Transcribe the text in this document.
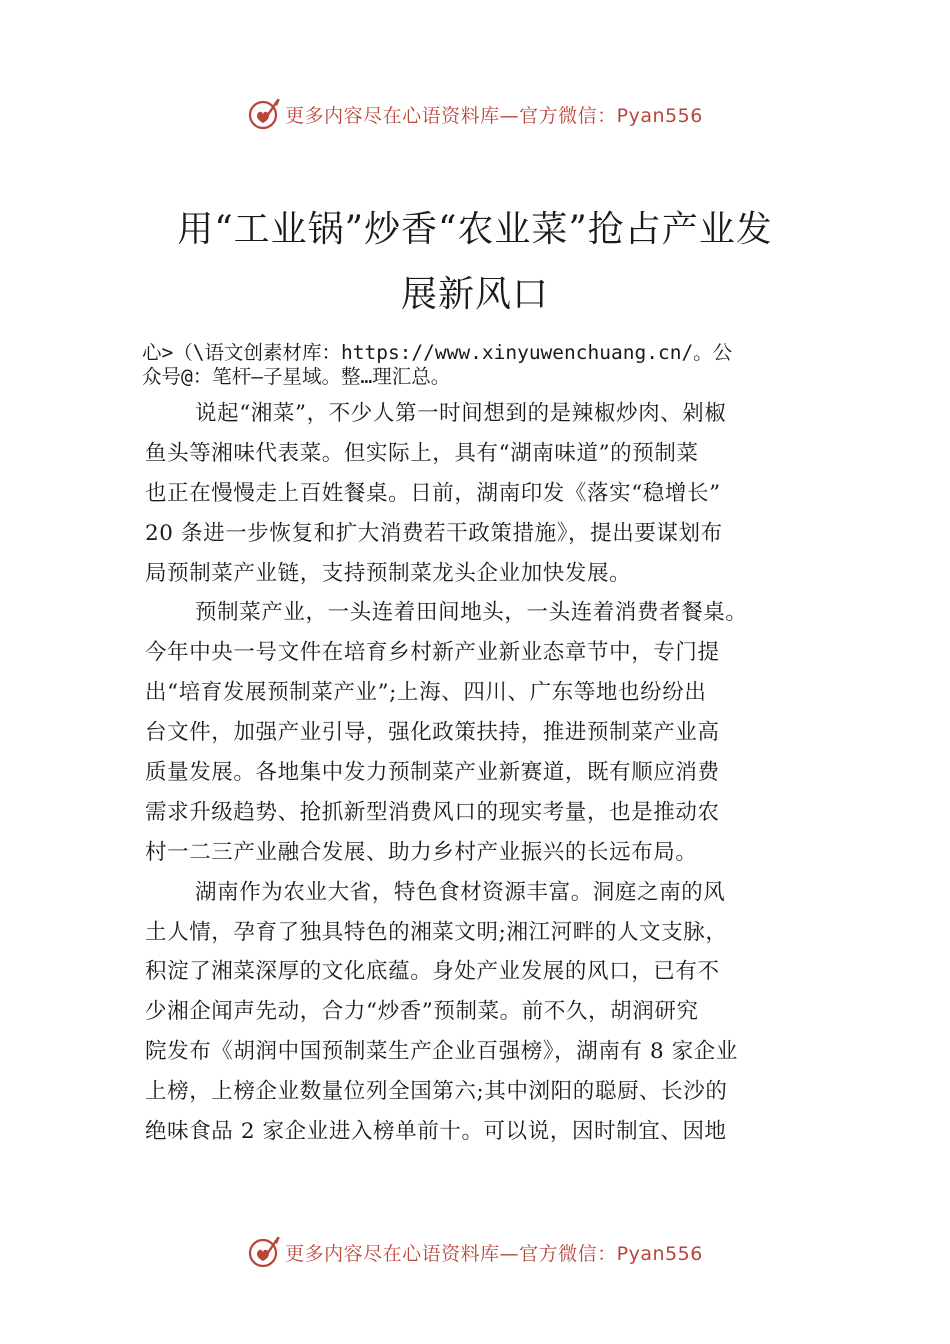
更多内容尽在心语资料库—官方微信：Pyan556
用“工业锅”炒香“农业菜”抢占产业发
展新风口
心>（\语文创素材库：https://www.xinyuwenchuang.cn/。公
众号@：笔杆—子星域。整…理汇总。
说起“湘菜”，不少人第一时间想到的是辣椒炒肉、剁椒
鱼头等湘味代表菜。但实际上，具有“湖南味道”的预制菜
也正在慢慢走上百姓餐桌。日前，湖南印发《落实“稳增长”
20 条进一步恢复和扩大消费若干政策措施》，提出要谋划布
局预制菜产业链，支持预制菜龙头企业加快发展。
预制菜产业，一头连着田间地头，一头连着消费者餐桌。
今年中央一号文件在培育乡村新产业新业态章节中，专门提
出“培育发展预制菜产业”;上海、四川、广东等地也纷纷出
台文件，加强产业引导，强化政策扶持，推进预制菜产业高
质量发展。各地集中发力预制菜产业新赛道，既有顺应消费
需求升级趋势、抢抓新型消费风口的现实考量，也是推动农
村一二三产业融合发展、助力乡村产业振兴的长远布局。
湖南作为农业大省，特色食材资源丰富。洞庭之南的风
土人情，孕育了独具特色的湘菜文明;湘江河畔的人文支脉，
积淀了湘菜深厚的文化底蕴。身处产业发展的风口，已有不
少湘企闻声先动，合力“炒香”预制菜。前不久，胡润研究
院发布《胡润中国预制菜生产企业百强榜》，湖南有 8 家企业
上榜，上榜企业数量位列全国第六;其中浏阳的聪厨、长沙的
绝味食品 2 家企业进入榜单前十。可以说，因时制宜、因地
更多内容尽在心语资料库—官方微信：Pyan556
